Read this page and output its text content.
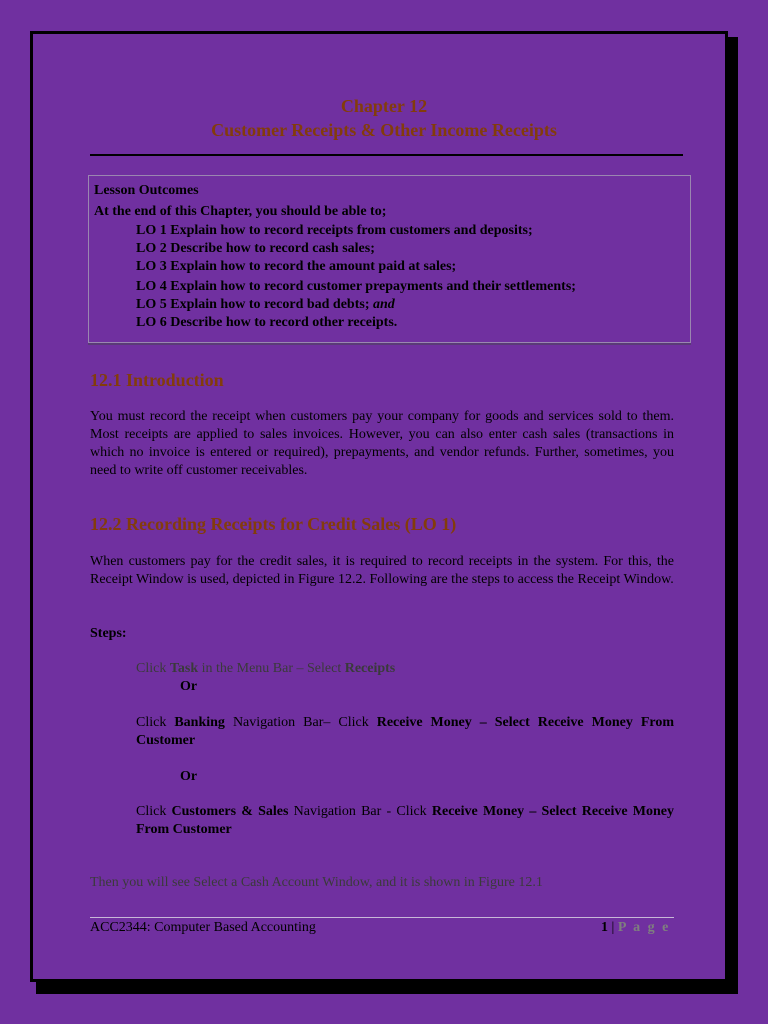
Chapter 12
Customer Receipts & Other Income Receipts
Lesson Outcomes
At the end of this Chapter, you should be able to;
LO 1 Explain how to record receipts from customers and deposits;
LO 2 Describe how to record cash sales;
LO 3 Explain how to record the amount paid at sales;
LO 4 Explain how to record customer prepayments and their settlements;
LO 5 Explain how to record bad debts; and
LO 6 Describe how to record other receipts.
12.1 Introduction
You must record the receipt when customers pay your company for goods and services sold to them. Most receipts are applied to sales invoices. However, you can also enter cash sales (transactions in which no invoice is entered or required), prepayments, and vendor refunds. Further, sometimes, you need to write off customer receivables.
12.2 Recording Receipts for Credit Sales (LO 1)
When customers pay for the credit sales, it is required to record receipts in the system. For this, the Receipt Window is used, depicted in Figure 12.2. Following are the steps to access the Receipt Window.
Steps:
Click Task in the Menu Bar – Select Receipts
Or
Click Banking Navigation Bar– Click Receive Money – Select Receive Money From Customer
Or
Click Customers & Sales Navigation Bar - Click Receive Money – Select Receive Money From Customer
Then you will see Select a Cash Account Window, and it is shown in Figure 12.1
ACC2344: Computer Based Accounting	1 | P a g e
